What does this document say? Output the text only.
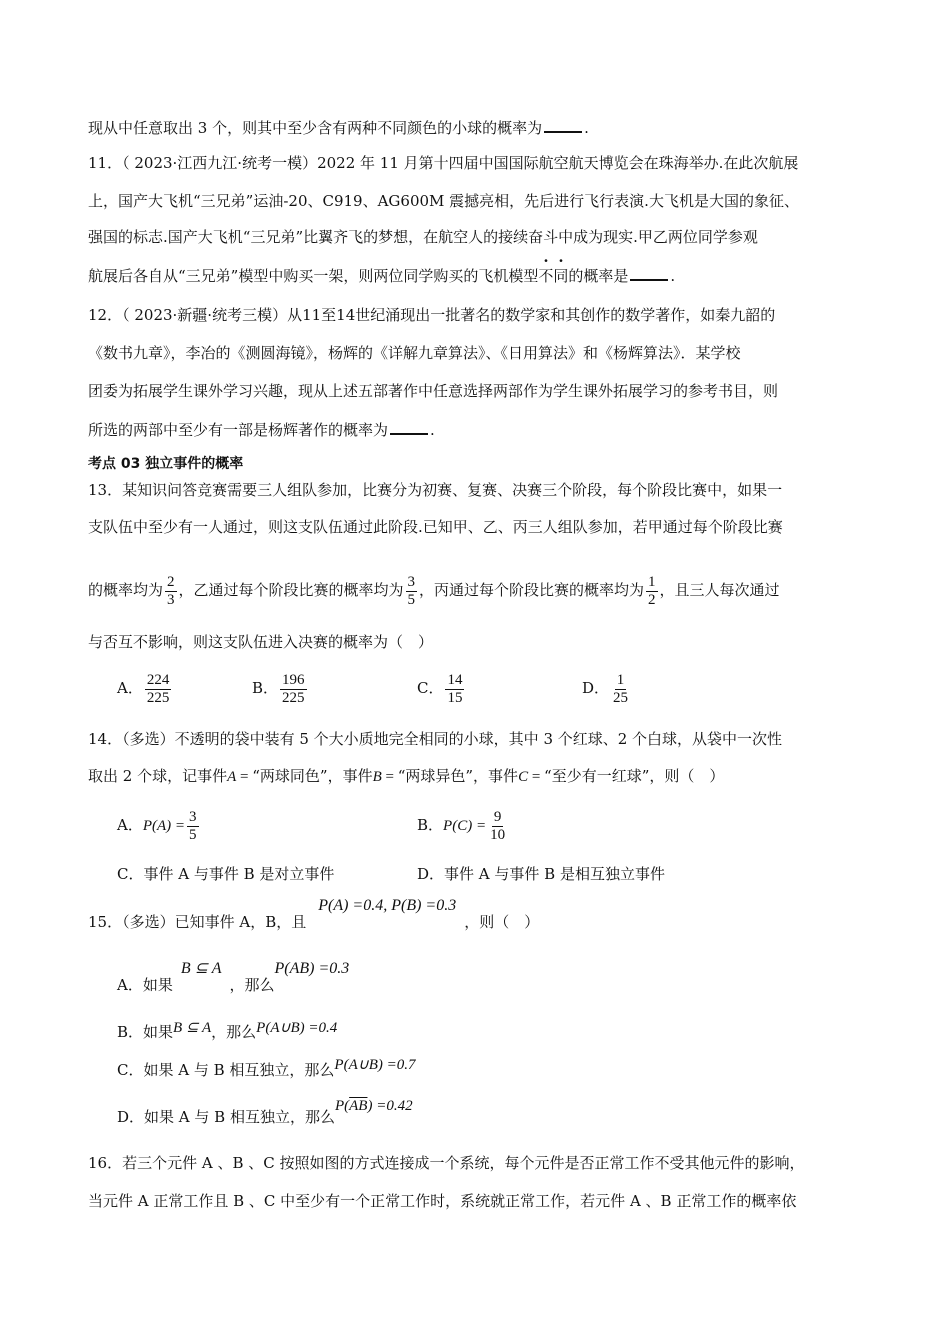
现从中任意取出 3 个，则其中至少含有两种不同颜色的小球的概率为	.
11．（ 2023·江西九江·统考一模）2022 年 11 月第十四届中国国际航空航天博览会在珠海举办.在此次航展
上，国产大飞机“三兄弟”运油-20、C919、AG600M 震撼亮相，先后进行飞行表演.大飞机是大国的象征、
强国的标志.国产大飞机“三兄弟”比翼齐飞的梦想，在航空人的接续奋斗中成为现实.甲乙两位同学参观
航展后各自从“三兄弟”模型中购买一架，则两位同学购买的飞机模型不同的概率是	.
12．（ 2023·新疆·统考三模）从11至14世纪涌现出一批著名的数学家和其创作的数学著作，如秦九韶的
《数书九章》，李冶的《测圆海镜》，杨辉的《详解九章算法》、《日用算法》和《杨辉算法》．某学校
团委为拓展学生课外学习兴趣，现从上述五部著作中任意选择两部作为学生课外拓展学习的参考书目，则
所选的两部中至少有一部是杨辉著作的概率为	.
考点 03 独立事件的概率
13．某知识问答竞赛需要三人组队参加，比赛分为初赛、复赛、决赛三个阶段，每个阶段比赛中，如果一
支队伍中至少有一人通过，则这支队伍通过此阶段.已知甲、乙、丙三人组队参加，若甲通过每个阶段比赛
的概率均为 $\frac{2}{3}$ ，乙通过每个阶段比赛的概率均为 $\frac{3}{5}$ ，丙通过每个阶段比赛的概率均为 $\frac{1}{2}$ ，且三人每次通过
与否互不影响，则这支队伍进入决赛的概率为（　）
A． $\frac{224}{225}$	B． $\frac{196}{225}$	C． $\frac{14}{15}$	D． $\frac{1}{25}$
14．（多选）不透明的袋中装有 5 个大小质地完全相同的小球，其中 3 个红球、2 个白球，从袋中一次性
取出 2 个球，记事件A = “两球同色”，事件B = “两球异色”，事件C = “至少有一红球”，则（　）
A．$P(A) = \frac{3}{5}$	B．$P(C) = \frac{9}{10}$
C．事件 A 与事件 B 是对立事件	D．事件 A 与事件 B 是相互独立事件
15．（多选）已知事件 A，B，且P(A) =0.4, P(B) =0.3，则（　）
A．如果B ⊆ A，那么P(AB) =0.3
B．如果B ⊆ A，那么P(A∪B) =0.4
C．如果 A 与 B 相互独立，那么P(A∪B) =0.7
D．如果 A 与 B 相互独立，那么$P(\overline{AB}) =0.42$
16．若三个元件 A 、B 、C 按照如图的方式连接成一个系统，每个元件是否正常工作不受其他元件的影响，
当元件 A 正常工作且 B 、C 中至少有一个正常工作时，系统就正常工作，若元件 A 、B 正常工作的概率依
